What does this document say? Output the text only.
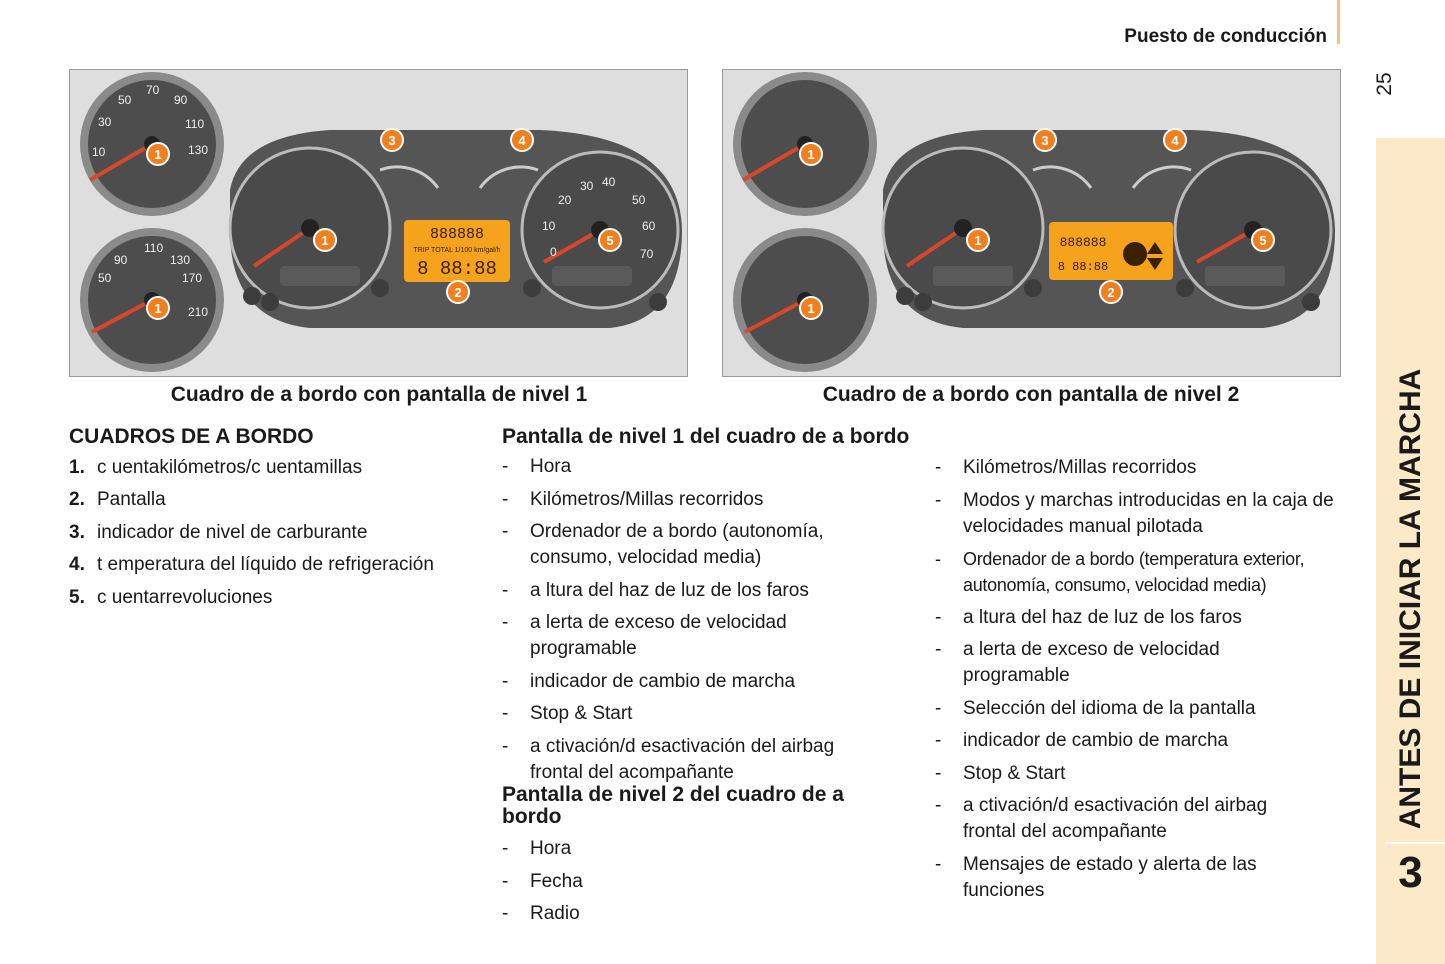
Puesto de conducción
25
ANTES DE INICIAR LA MARCHA
3
50
70
90
30	110
130
10	1
90
110
130
50	170
210
1
1
30 40
20	50
10	60
0	70
5
3	4
888888
TRIP TOTAL 1/100 km/gal/h
8 88:88
2
1
1
1	5
3	4
888888
8 88:88
2
Cuadro de a bordo con pantalla de nivel 1	Cuadro de a bordo con pantalla de nivel 2
CUADROS DE A BORDO
1. c uentakilómetros/c uentamillas
2. Pantalla
3. indicador de nivel de carburante
4. t emperatura del líquido de refrigeración
5. c uentarrevoluciones
Pantalla de nivel 1 del cuadro de a bordo
- Hora
- Kilómetros/Millas recorridos
- Ordenador de a bordo (autonomía, consumo, velocidad media)
- a ltura del haz de luz de los faros
- a lerta de exceso de velocidad programable
- indicador de cambio de marcha
- Stop & Start
- a ctivación/d esactivación del airbag frontal del acompañante
Pantalla de nivel 2 del cuadro de a bordo
- Hora
- Fecha
- Radio
- Kilómetros/Millas recorridos
- Modos y marchas introducidas en la caja de velocidades manual pilotada
- Ordenador de a bordo (temperatura exterior, autonomía, consumo, velocidad media)
- a ltura del haz de luz de los faros
- a lerta de exceso de velocidad programable
- Selección del idioma de la pantalla
- indicador de cambio de marcha
- Stop & Start
- a ctivación/d esactivación del airbag frontal del acompañante
- Mensajes de estado y alerta de las funciones
